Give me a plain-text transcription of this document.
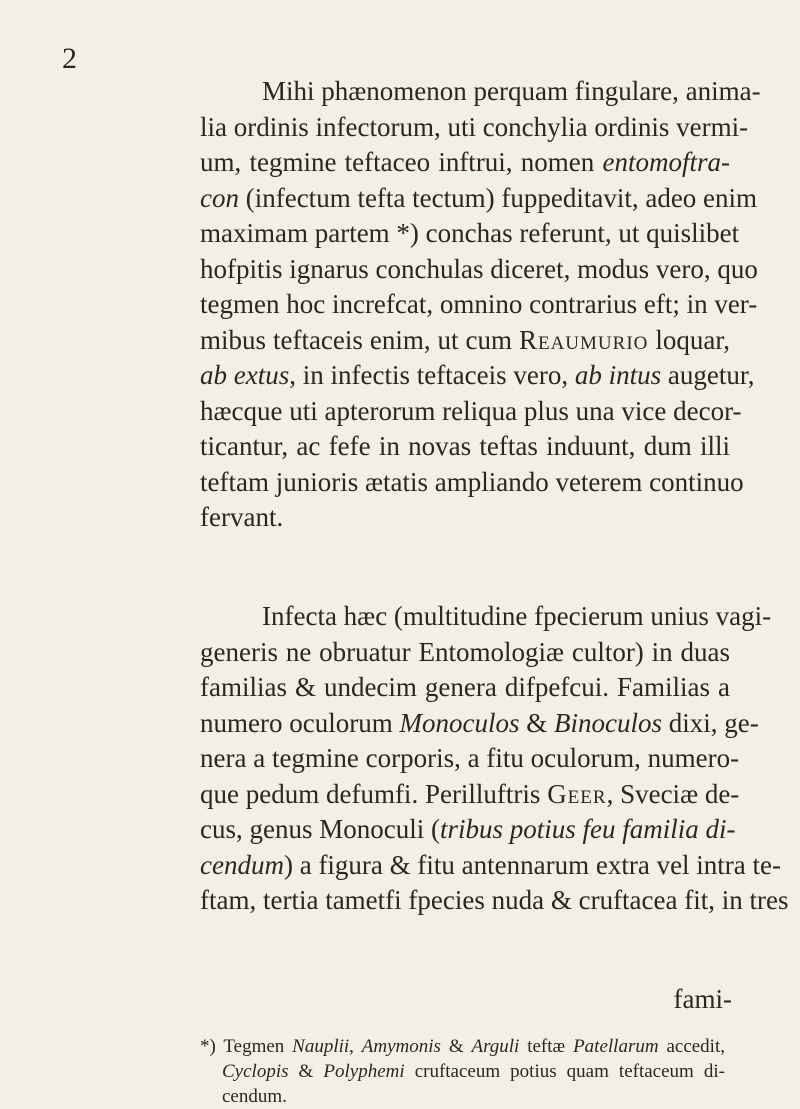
2
Mihi phænomenon perquam fingulare, anima-
lia ordinis infectorum, uti conchylia ordinis vermi-
um, tegmine teftaceo inftrui, nomen entomoftra-
con (infectum tefta tectum) fuppeditavit, adeo enim
maximam partem *) conchas referunt, ut quislibet
hofpitis ignarus conchulas diceret, modus vero, quo
tegmen hoc increfcat, omnino contrarius eft; in ver-
mibus teftaceis enim, ut cum Reaumurio loquar,
ab extus, in infectis teftaceis vero, ab intus augetur,
hæcque uti apterorum reliqua plus una vice decor-
ticantur, ac fefe in novas teftas induunt, dum illi
teftam junioris ætatis ampliando veterem continuo
fervant.
Infecta hæc (multitudine fpecierum unius vagi-
generis ne obruatur Entomologiæ cultor) in duas
familias & undecim genera difpefcui. Familias a
numero oculorum Monoculos & Binoculos dixi, ge-
nera a tegmine corporis, a fitu oculorum, numero-
que pedum defumfi. Perilluftris Geer, Sveciæ de-
cus, genus Monoculi (tribus potius feu familia di-
cendum) a figura & fitu antennarum extra vel intra te-
ftam, tertia tametfi fpecies nuda & cruftacea fit, in tres
fami-
*) Tegmen Nauplii, Amymonis & Arguli teftæ Patellarum accedit,
Cyclopis & Polyphemi cruftaceum potius quam teftaceum di-
cendum.
